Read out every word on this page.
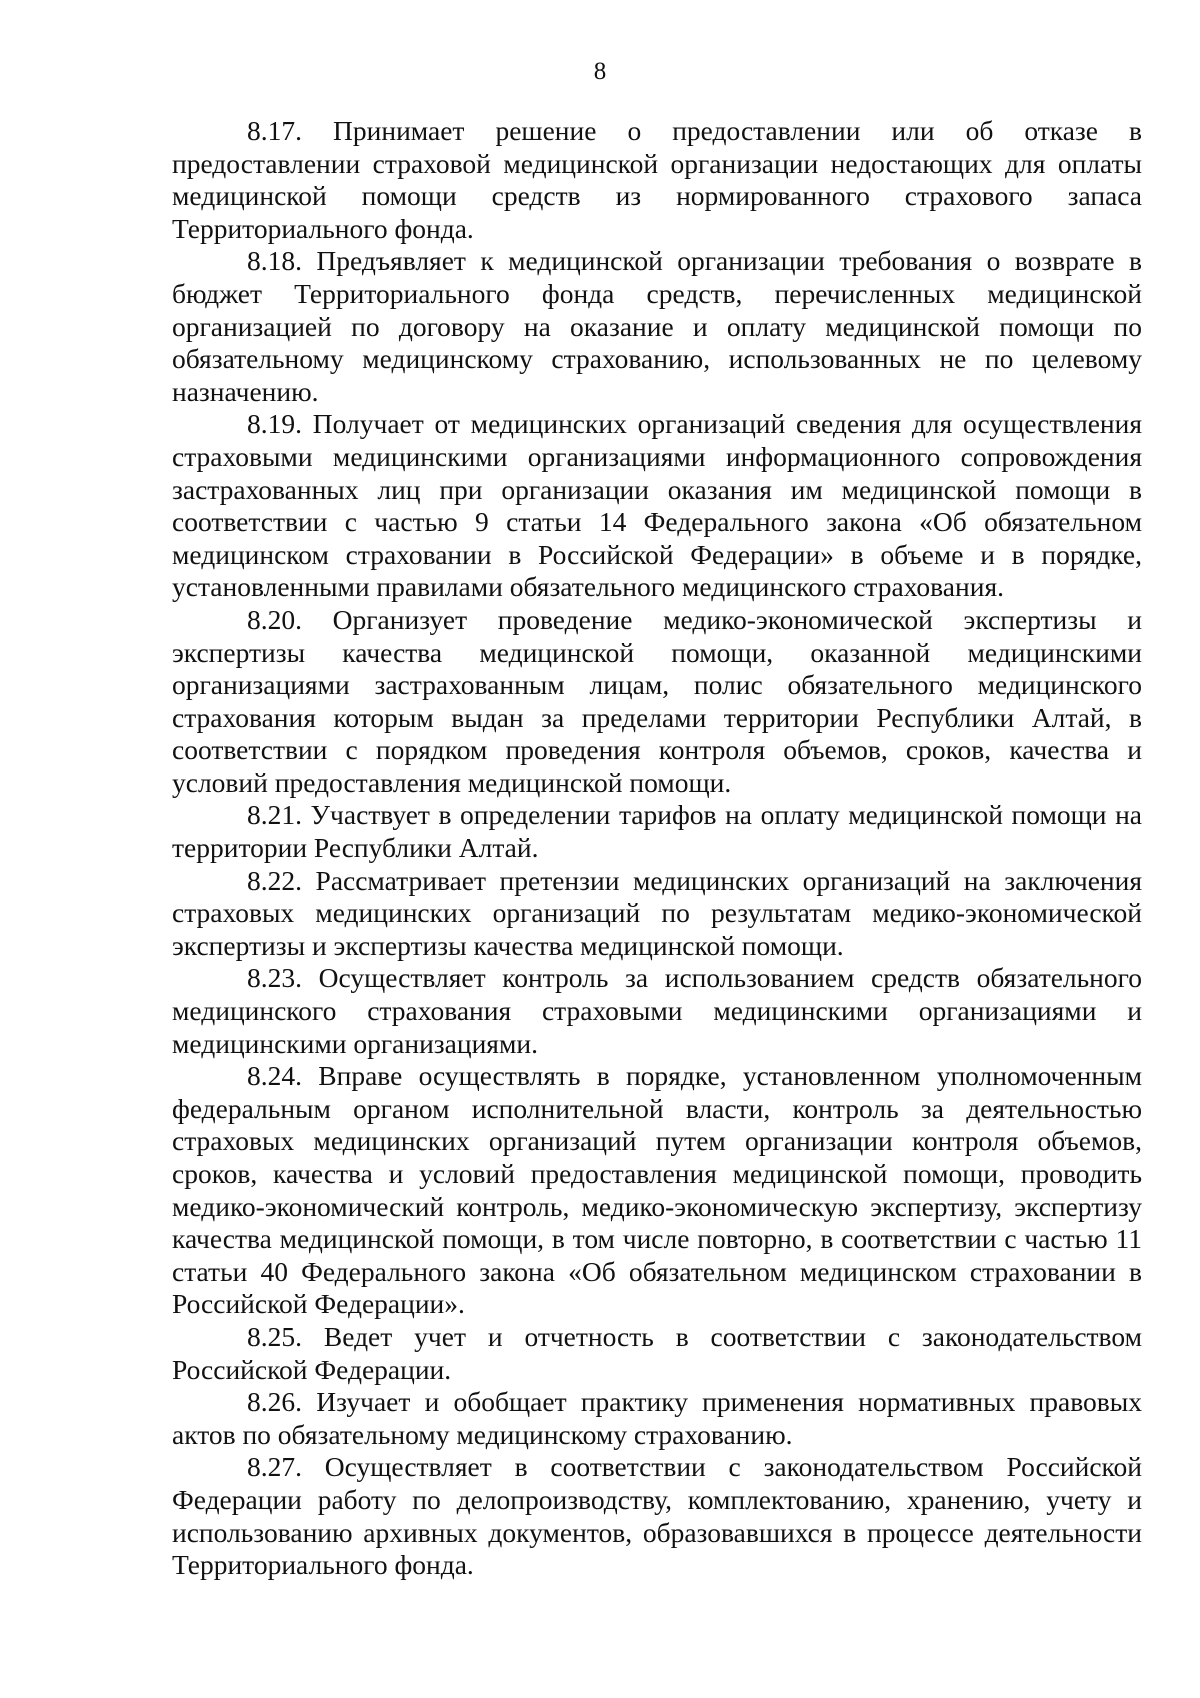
8

8.17. Принимает решение о предоставлении или об отказе в предоставлении страховой медицинской организации недостающих для оплаты медицинской помощи средств из нормированного страхового запаса Территориального фонда.

8.18. Предъявляет к медицинской организации требования о возврате в бюджет Территориального фонда средств, перечисленных медицинской организацией по договору на оказание и оплату медицинской помощи по обязательному медицинскому страхованию, использованных не по целевому назначению.

8.19. Получает от медицинских организаций сведения для осуществления страховыми медицинскими организациями информационного сопровождения застрахованных лиц при организации оказания им медицинской помощи в соответствии с частью 9 статьи 14 Федерального закона «Об обязательном медицинском страховании в Российской Федерации» в объеме и в порядке, установленными правилами обязательного медицинского страхования.

8.20. Организует проведение медико-экономической экспертизы и экспертизы качества медицинской помощи, оказанной медицинскими организациями застрахованным лицам, полис обязательного медицинского страхования которым выдан за пределами территории Республики Алтай, в соответствии с порядком проведения контроля объемов, сроков, качества и условий предоставления медицинской помощи.

8.21. Участвует в определении тарифов на оплату медицинской помощи на территории Республики Алтай.

8.22. Рассматривает претензии медицинских организаций на заключения страховых медицинских организаций по результатам медико-экономической экспертизы и экспертизы качества медицинской помощи.

8.23. Осуществляет контроль за использованием средств обязательного медицинского страхования страховыми медицинскими организациями и медицинскими организациями.

8.24. Вправе осуществлять в порядке, установленном уполномоченным федеральным органом исполнительной власти, контроль за деятельностью страховых медицинских организаций путем организации контроля объемов, сроков, качества и условий предоставления медицинской помощи, проводить медико-экономический контроль, медико-экономическую экспертизу, экспертизу качества медицинской помощи, в том числе повторно, в соответствии с частью 11 статьи 40 Федерального закона «Об обязательном медицинском страховании в Российской Федерации».

8.25. Ведет учет и отчетность в соответствии с законодательством Российской Федерации.

8.26. Изучает и обобщает практику применения нормативных правовых актов по обязательному медицинскому страхованию.

8.27. Осуществляет в соответствии с законодательством Российской Федерации работу по делопроизводству, комплектованию, хранению, учету и использованию архивных документов, образовавшихся в процессе деятельности Территориального фонда.
